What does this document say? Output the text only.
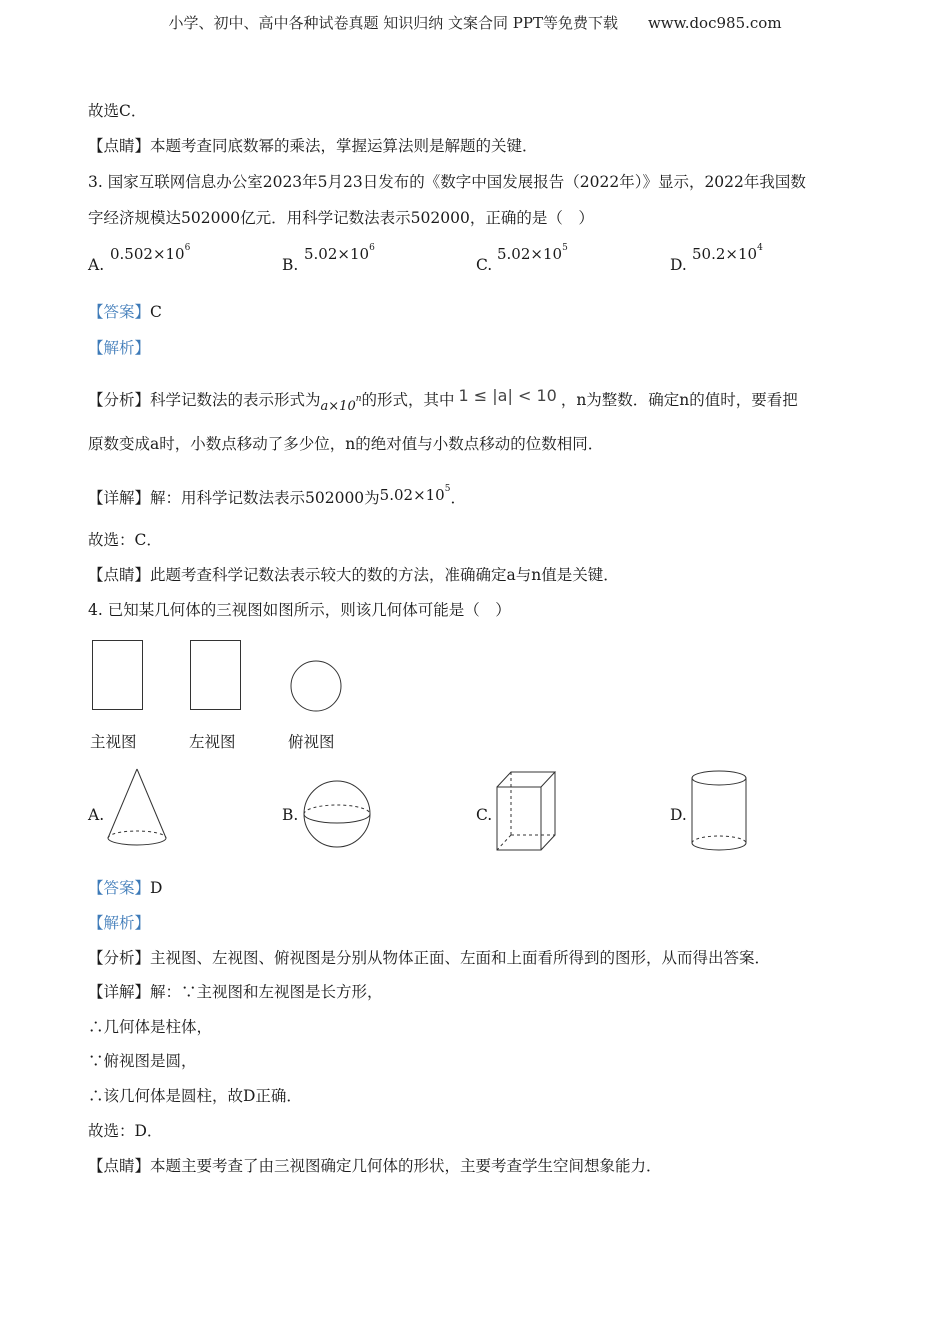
小学、初中、高中各种试卷真题 知识归纳 文案合同 PPT等免费下载　　www.doc985.com
故选C．
【点睛】本题考查同底数幂的乘法，掌握运算法则是解题的关键．
3. 国家互联网信息办公室2023年5月23日发布的《数字中国发展报告（2022年）》显示，2022年我国数
字经济规模达502000亿元．用科学记数法表示502000，正确的是（　）
A.
$0.502\times 10^6$
B.
$5.02\times 10^6$
C.
$5.02\times 10^5$
D.
$50.2\times 10^4$
【答案】C
【解析】
【分析】科学记数法的表示形式为$_{a\times 10^n}$的形式，其中 1 ≤ |a| < 10 ，n为整数．确定n的值时，要看把
原数变成a时，小数点移动了多少位，n的绝对值与小数点移动的位数相同．
【详解】解：用科学记数法表示502000为$5.02\times 10^5$．
故选：C．
【点睛】此题考查科学记数法表示较大的数的方法，准确确定a与n值是关键．
4. 已知某几何体的三视图如图所示，则该几何体可能是（　）
主视图	左视图	俯视图
A.	B.	C.	D.
【答案】D
【解析】
【分析】主视图、左视图、俯视图是分别从物体正面、左面和上面看所得到的图形，从而得出答案．
【详解】解：∵主视图和左视图是长方形，
∴几何体是柱体，
∵俯视图是圆，
∴该几何体是圆柱，故D正确．
故选：D．
【点睛】本题主要考查了由三视图确定几何体的形状，主要考查学生空间想象能力．
